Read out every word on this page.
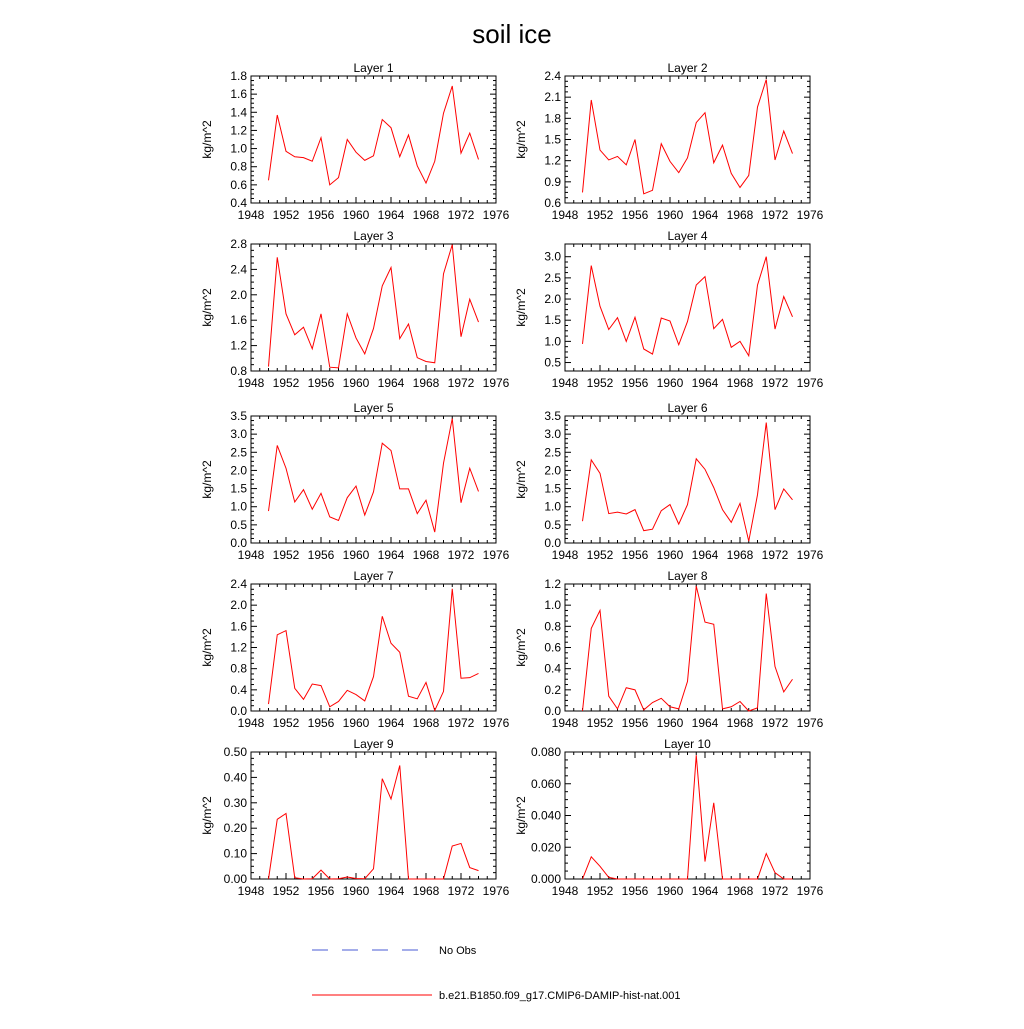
soil ice
Layer 1
kg/m^2
1948 1952 1956 1960 1964 1968 1972 1976
0.4
0.6
0.8
1.0
1.2
1.4
1.6
1.8
Layer 2
kg/m^2
1948 1952 1956 1960 1964 1968 1972 1976
0.6
0.9
1.2
1.5
1.8
2.1
2.4
Layer 3
kg/m^2
1948 1952 1956 1960 1964 1968 1972 1976
0.8
1.2
1.6
2.0
2.4
2.8
Layer 4
kg/m^2
1948 1952 1956 1960 1964 1968 1972 1976
0.5
1.0
1.5
2.0
2.5
3.0
Layer 5
kg/m^2
1948 1952 1956 1960 1964 1968 1972 1976
0.0
0.5
1.0
1.5
2.0
2.5
3.0
3.5
Layer 6
kg/m^2
1948 1952 1956 1960 1964 1968 1972 1976
0.0
0.5
1.0
1.5
2.0
2.5
3.0
3.5
Layer 7
kg/m^2
1948 1952 1956 1960 1964 1968 1972 1976
0.0
0.4
0.8
1.2
1.6
2.0
2.4
Layer 8
kg/m^2
1948 1952 1956 1960 1964 1968 1972 1976
0.0
0.2
0.4
0.6
0.8
1.0
1.2
Layer 9
kg/m^2
1948 1952 1956 1960 1964 1968 1972 1976
0.00
0.10
0.20
0.30
0.40
0.50
Layer 10
kg/m^2
1948 1952 1956 1960 1964 1968 1972 1976
0.000
0.020
0.040
0.060
0.080
No Obs
b.e21.B1850.f09_g17.CMIP6-DAMIP-hist-nat.001
